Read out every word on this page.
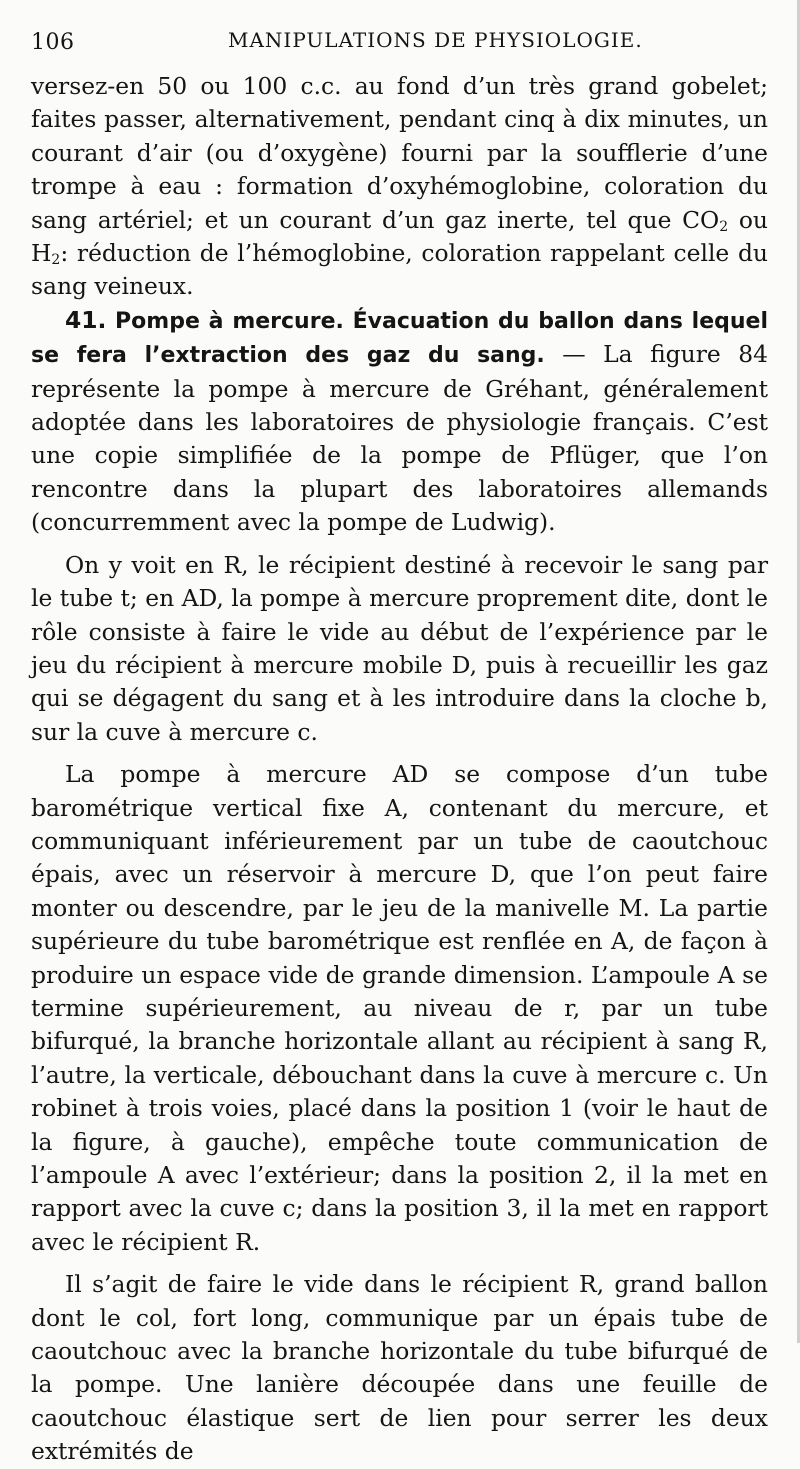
106	MANIPULATIONS DE PHYSIOLOGIE.

versez-en 50 ou 100 c.c. au fond d’un très grand gobelet; faites passer, alternativement, pendant cinq à dix minutes, un courant d’air (ou d’oxygène) fourni par la soufflerie d’une trompe à eau : formation d’oxyhémoglobine, coloration du sang artériel; et un courant d’un gaz inerte, tel que $CO_2$ ou $H_2$: réduction de l’hémoglobine, coloration rappelant celle du sang veineux.

41. Pompe à mercure. Évacuation du ballon dans lequel se fera l’extraction des gaz du sang. — La figure 84 représente la pompe à mercure de Gréhant, généralement adoptée dans les laboratoires de physiologie français. C’est une copie simplifiée de la pompe de Pflüger, que l’on rencontre dans la plupart des laboratoires allemands (concurremment avec la pompe de Ludwig).

On y voit en R, le récipient destiné à recevoir le sang par le tube t; en AD, la pompe à mercure proprement dite, dont le rôle consiste à faire le vide au début de l’expérience par le jeu du récipient à mercure mobile D, puis à recueillir les gaz qui se dégagent du sang et à les introduire dans la cloche b, sur la cuve à mercure c.

La pompe à mercure AD se compose d’un tube barométrique vertical fixe A, contenant du mercure, et communiquant inférieurement par un tube de caoutchouc épais, avec un réservoir à mercure D, que l’on peut faire monter ou descendre, par le jeu de la manivelle M. La partie supérieure du tube barométrique est renflée en A, de façon à produire un espace vide de grande dimension. L’ampoule A se termine supérieurement, au niveau de r, par un tube bifurqué, la branche horizontale allant au récipient à sang R, l’autre, la verticale, débouchant dans la cuve à mercure c. Un robinet à trois voies, placé dans la position 1 (voir le haut de la figure, à gauche), empêche toute communication de l’ampoule A avec l’extérieur; dans la position 2, il la met en rapport avec la cuve c; dans la position 3, il la met en rapport avec le récipient R.

Il s’agit de faire le vide dans le récipient R, grand ballon dont le col, fort long, communique par un épais tube de caoutchouc avec la branche horizontale du tube bifurqué de la pompe. Une lanière découpée dans une feuille de caoutchouc élastique sert de lien pour serrer les deux extrémités de
